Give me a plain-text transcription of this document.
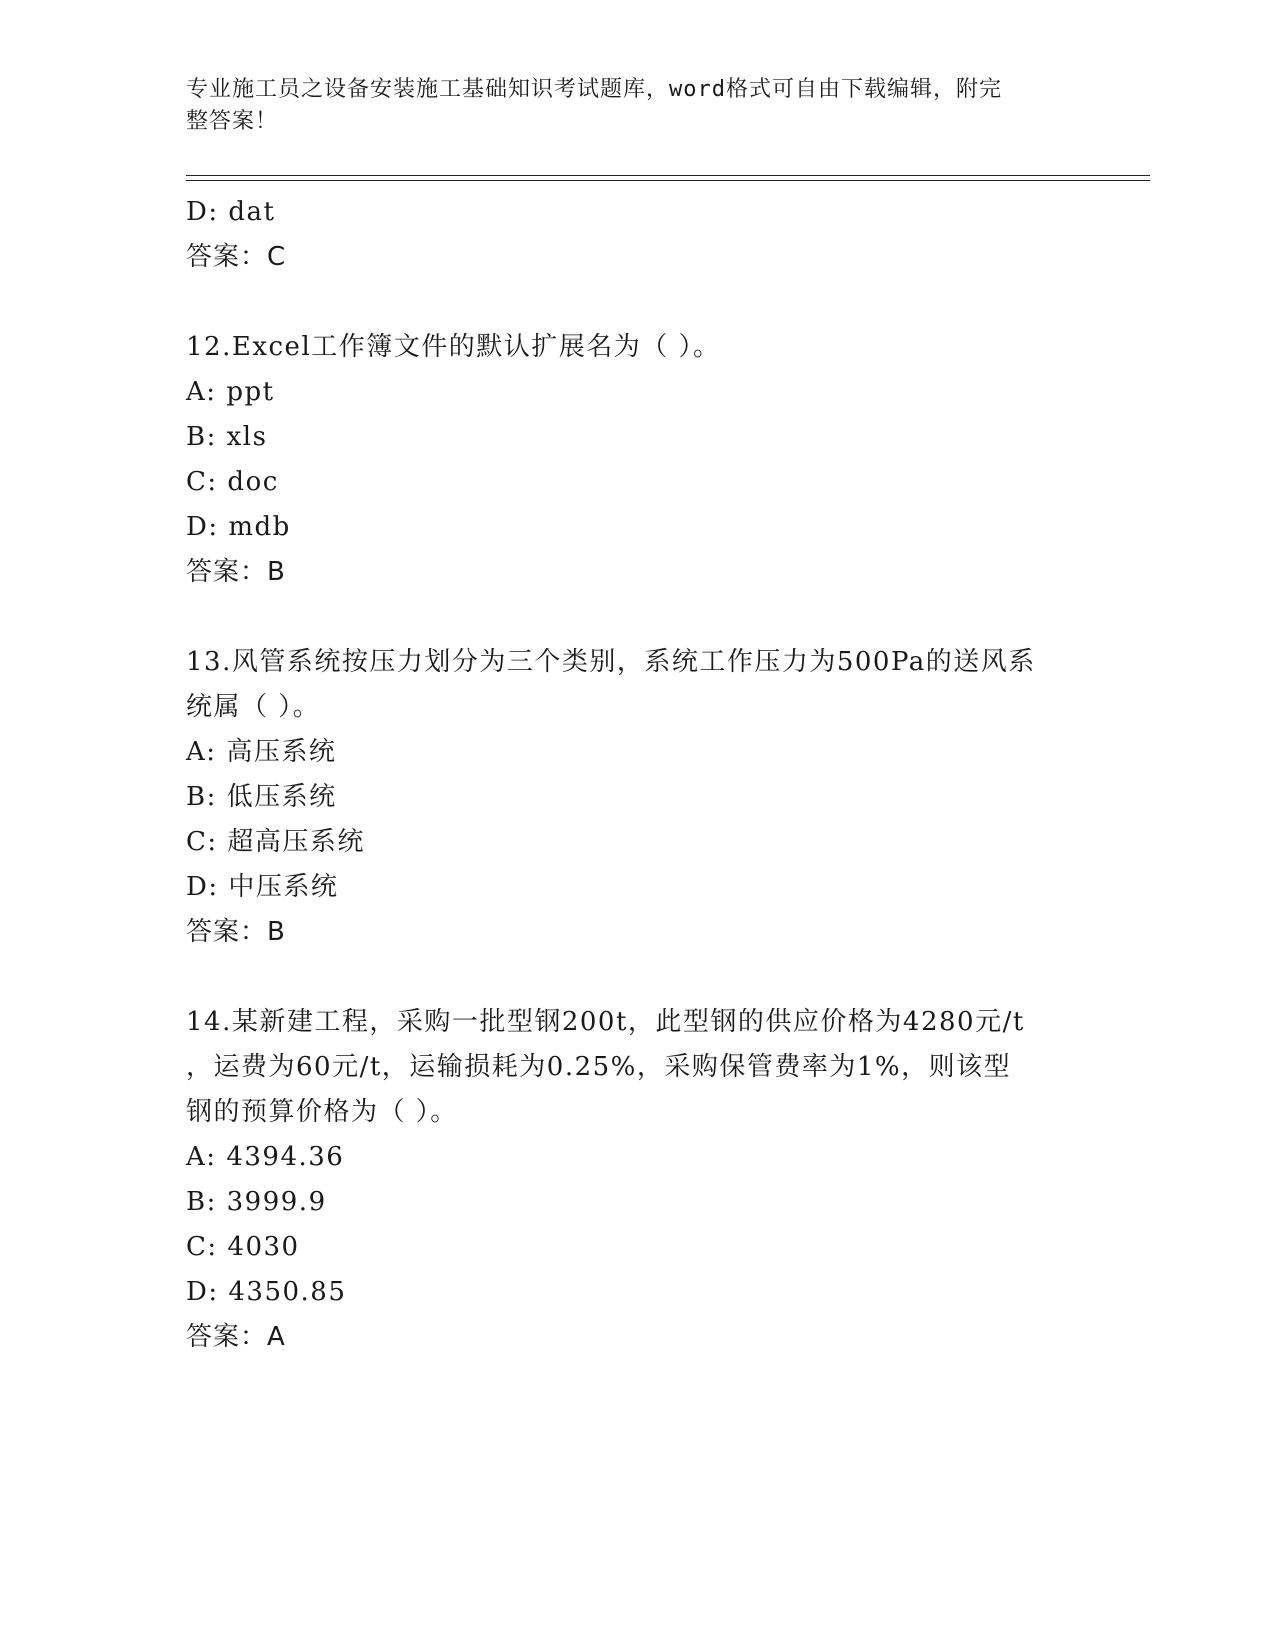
专业施工员之设备安装施工基础知识考试题库，word格式可自由下载编辑，附完
整答案！
D: dat
答案：C
12.Excel工作簿文件的默认扩展名为（ ）。
A: ppt
B: xls
C: doc
D: mdb
答案：B
13.风管系统按压力划分为三个类别，系统工作压力为500Pa的送风系
统属（ ）。
A: 高压系统
B: 低压系统
C: 超高压系统
D: 中压系统
答案：B
14.某新建工程，采购一批型钢200t，此型钢的供应价格为4280元/t
，运费为60元/t，运输损耗为0.25%，采购保管费率为1%，则该型
钢的预算价格为（ ）。
A: 4394.36
B: 3999.9
C: 4030
D: 4350.85
答案：A
